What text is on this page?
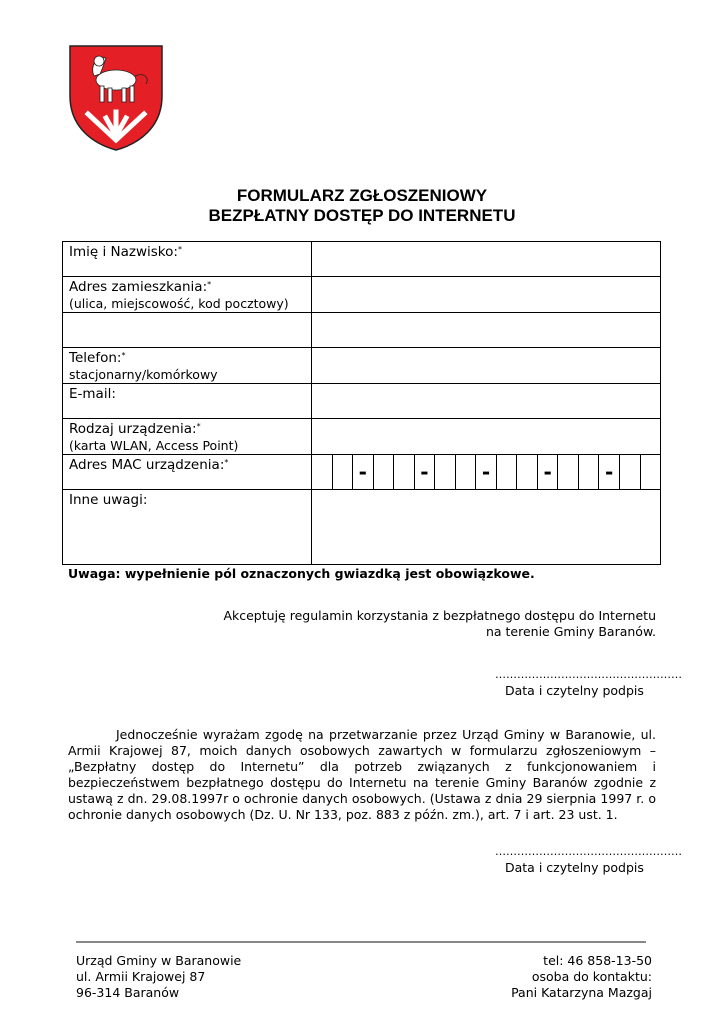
FORMULARZ ZGŁOSZENIOWY
BEZPŁATNY DOSTĘP DO INTERNETU
Imię i Nazwisko:*	
Adres zamieszkania:*
(ulica, miejscowość, kod pocztowy)	

Telefon:*
stacjonarny/komórkowy	

E-mail:	
Rodzaj urządzenia:*
(karta WLAN, Access Point)	

Adres MAC urządzenia:*	- - - - -

Inne uwagi:	
Uwaga: wypełnienie pól oznaczonych gwiazdką jest obowiązkowe.
Akceptuję regulamin korzystania z bezpłatnego dostępu do Internetu
na terenie Gminy Baranów.
……………………………………………
Data i czytelny podpis
Jednocześnie wyrażam zgodę na przetwarzanie przez Urząd Gminy w Baranowie, ul. Armii Krajowej 87, moich danych osobowych zawartych w formularzu zgłoszeniowym – „Bezpłatny dostęp do Internetu” dla potrzeb związanych z funkcjonowaniem i bezpieczeństwem bezpłatnego dostępu do Internetu na terenie Gminy Baranów zgodnie z ustawą z dn. 29.08.1997r o ochronie danych osobowych. (Ustawa z dnia 29 sierpnia 1997 r. o ochronie danych osobowych (Dz. U. Nr 133, poz. 883 z późn. zm.), art. 7 i art. 23 ust. 1.
……………………………………………
Data i czytelny podpis
Urząd Gminy w Baranowie
ul. Armii Krajowej 87
96-314 Baranów
tel: 46 858-13-50
osoba do kontaktu:
Pani Katarzyna Mazgaj
